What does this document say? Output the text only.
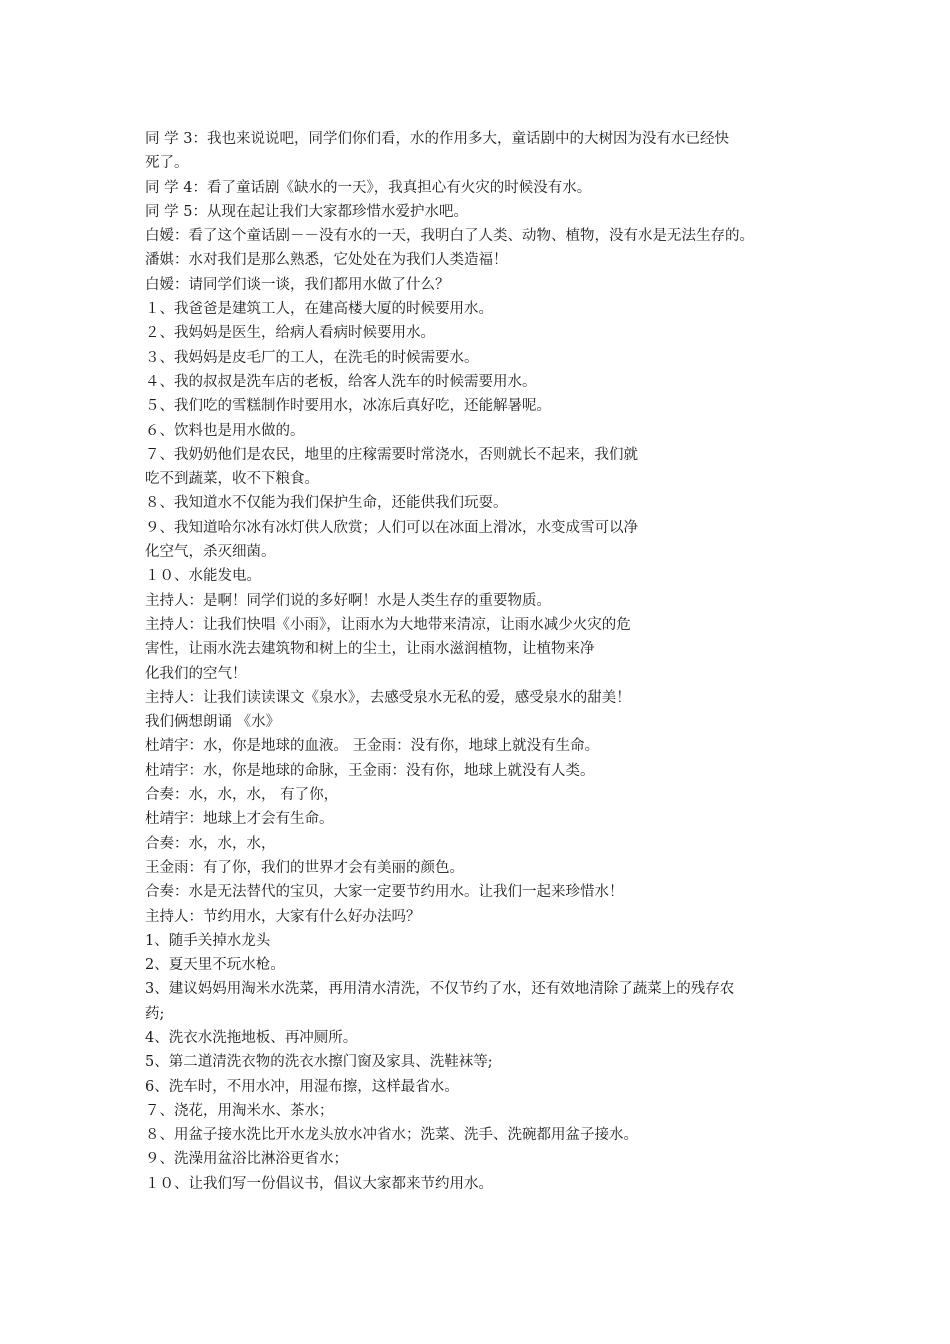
同 学 3：我也来说说吧，同学们你们看，水的作用多大，童话剧中的大树因为没有水已经快
死了。
同 学 4：看了童话剧《缺水的一天》，我真担心有火灾的时候没有水。
同 学 5：从现在起让我们大家都珍惜水爱护水吧。
白嫒：看了这个童话剧－－没有水的一天，我明白了人类、动物、植物，没有水是无法生存的。
潘娸：水对我们是那么熟悉，它处处在为我们人类造福！
白嫒：请同学们谈一谈，我们都用水做了什么？
１、我爸爸是建筑工人，在建高楼大厦的时候要用水。
２、我妈妈是医生，给病人看病时候要用水。
３、我妈妈是皮毛厂的工人，在洗毛的时候需要水。
４、我的叔叔是洗车店的老板，给客人洗车的时候需要用水。
５、我们吃的雪糕制作时要用水，冰冻后真好吃，还能解暑呢。
６、饮料也是用水做的。
７、我奶奶他们是农民，地里的庄稼需要时常浇水，否则就长不起来，我们就
吃不到蔬菜，收不下粮食。
８、我知道水不仅能为我们保护生命，还能供我们玩耍。
９、我知道哈尔冰有冰灯供人欣赏；人们可以在冰面上滑冰，水变成雪可以净
化空气，杀灭细菌。
１０、水能发电。
主持人：是啊！同学们说的多好啊！水是人类生存的重要物质。
主持人：让我们快唱《小雨》，让雨水为大地带来清凉，让雨水减少火灾的危
害性，让雨水洗去建筑物和树上的尘土，让雨水滋润植物，让植物来净
化我们的空气！
主持人：让我们读读课文《泉水》，去感受泉水无私的爱，感受泉水的甜美！
我们俩想朗诵 《水》
杜靖宇：水，你是地球的血液。 王金雨：没有你，地球上就没有生命。
杜靖宇：水，你是地球的命脉，王金雨：没有你，地球上就没有人类。
合奏：水，水，水， 有了你，
杜靖宇：地球上才会有生命。
合奏：水，水，水，
王金雨：有了你，我们的世界才会有美丽的颜色。
合奏：水是无法替代的宝贝，大家一定要节约用水。让我们一起来珍惜水！
主持人：节约用水，大家有什么好办法吗？
1、随手关掉水龙头
2、夏天里不玩水枪。
3、建议妈妈用淘米水洗菜，再用清水清洗，不仅节约了水，还有效地清除了蔬菜上的残存农
药;
4、洗衣水洗拖地板、再冲厕所。
5、第二道清洗衣物的洗衣水擦门窗及家具、洗鞋袜等;
6、洗车时，不用水冲，用湿布擦，这样最省水。
７、浇花，用淘米水、茶水；
８、用盆子接水洗比开水龙头放水冲省水；洗菜、洗手、洗碗都用盆子接水。
９、洗澡用盆浴比淋浴更省水；
１０、让我们写一份倡议书，倡议大家都来节约用水。
